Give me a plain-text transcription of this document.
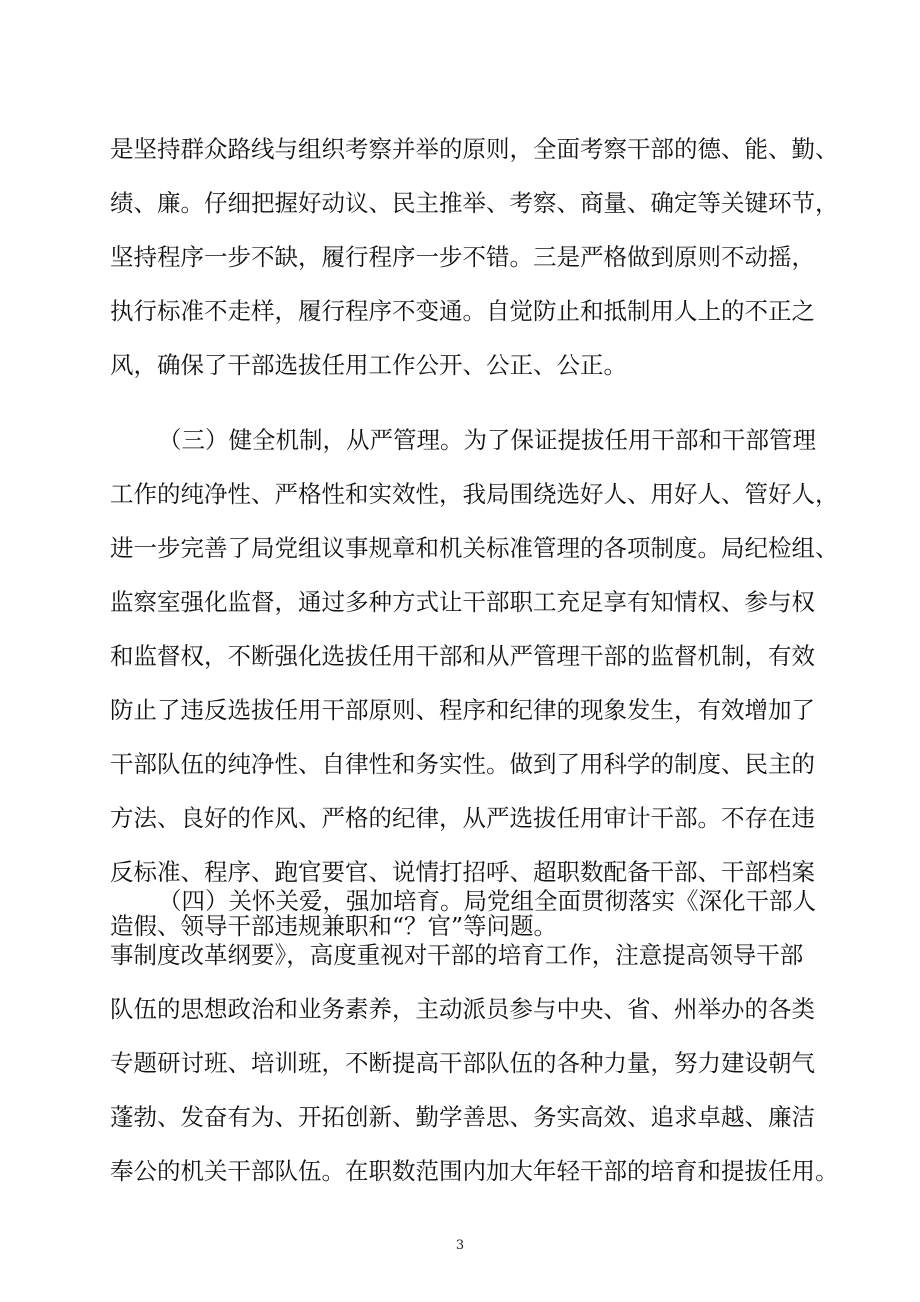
是坚持群众路线与组织考察并举的原则，全面考察干部的德、能、勤、
绩、廉。仔细把握好动议、民主推举、考察、商量、确定等关键环节，
坚持程序一步不缺，履行程序一步不错。三是严格做到原则不动摇，
执行标准不走样，履行程序不变通。自觉防止和抵制用人上的不正之
风，确保了干部选拔任用工作公开、公正、公正。
（三）健全机制，从严管理。为了保证提拔任用干部和干部管理
工作的纯净性、严格性和实效性，我局围绕选好人、用好人、管好人，
进一步完善了局党组议事规章和机关标准管理的各项制度。局纪检组、
监察室强化监督，通过多种方式让干部职工充足享有知情权、参与权
和监督权，不断强化选拔任用干部和从严管理干部的监督机制，有效
防止了违反选拔任用干部原则、程序和纪律的现象发生，有效增加了
干部队伍的纯净性、自律性和务实性。做到了用科学的制度、民主的
方法、良好的作风、严格的纪律，从严选拔任用审计干部。不存在违
反标准、程序、跑官要官、说情打招呼、超职数配备干部、干部档案
造假、领导干部违规兼职和“？官”等问题。
（四）关怀关爱，强加培育。局党组全面贯彻落实《深化干部人
事制度改革纲要》，高度重视对干部的培育工作，注意提高领导干部
队伍的思想政治和业务素养，主动派员参与中央、省、州举办的各类
专题研讨班、培训班，不断提高干部队伍的各种力量，努力建设朝气
蓬勃、发奋有为、开拓创新、勤学善思、务实高效、追求卓越、廉洁
奉公的机关干部队伍。在职数范围内加大年轻干部的培育和提拔任用。
3
